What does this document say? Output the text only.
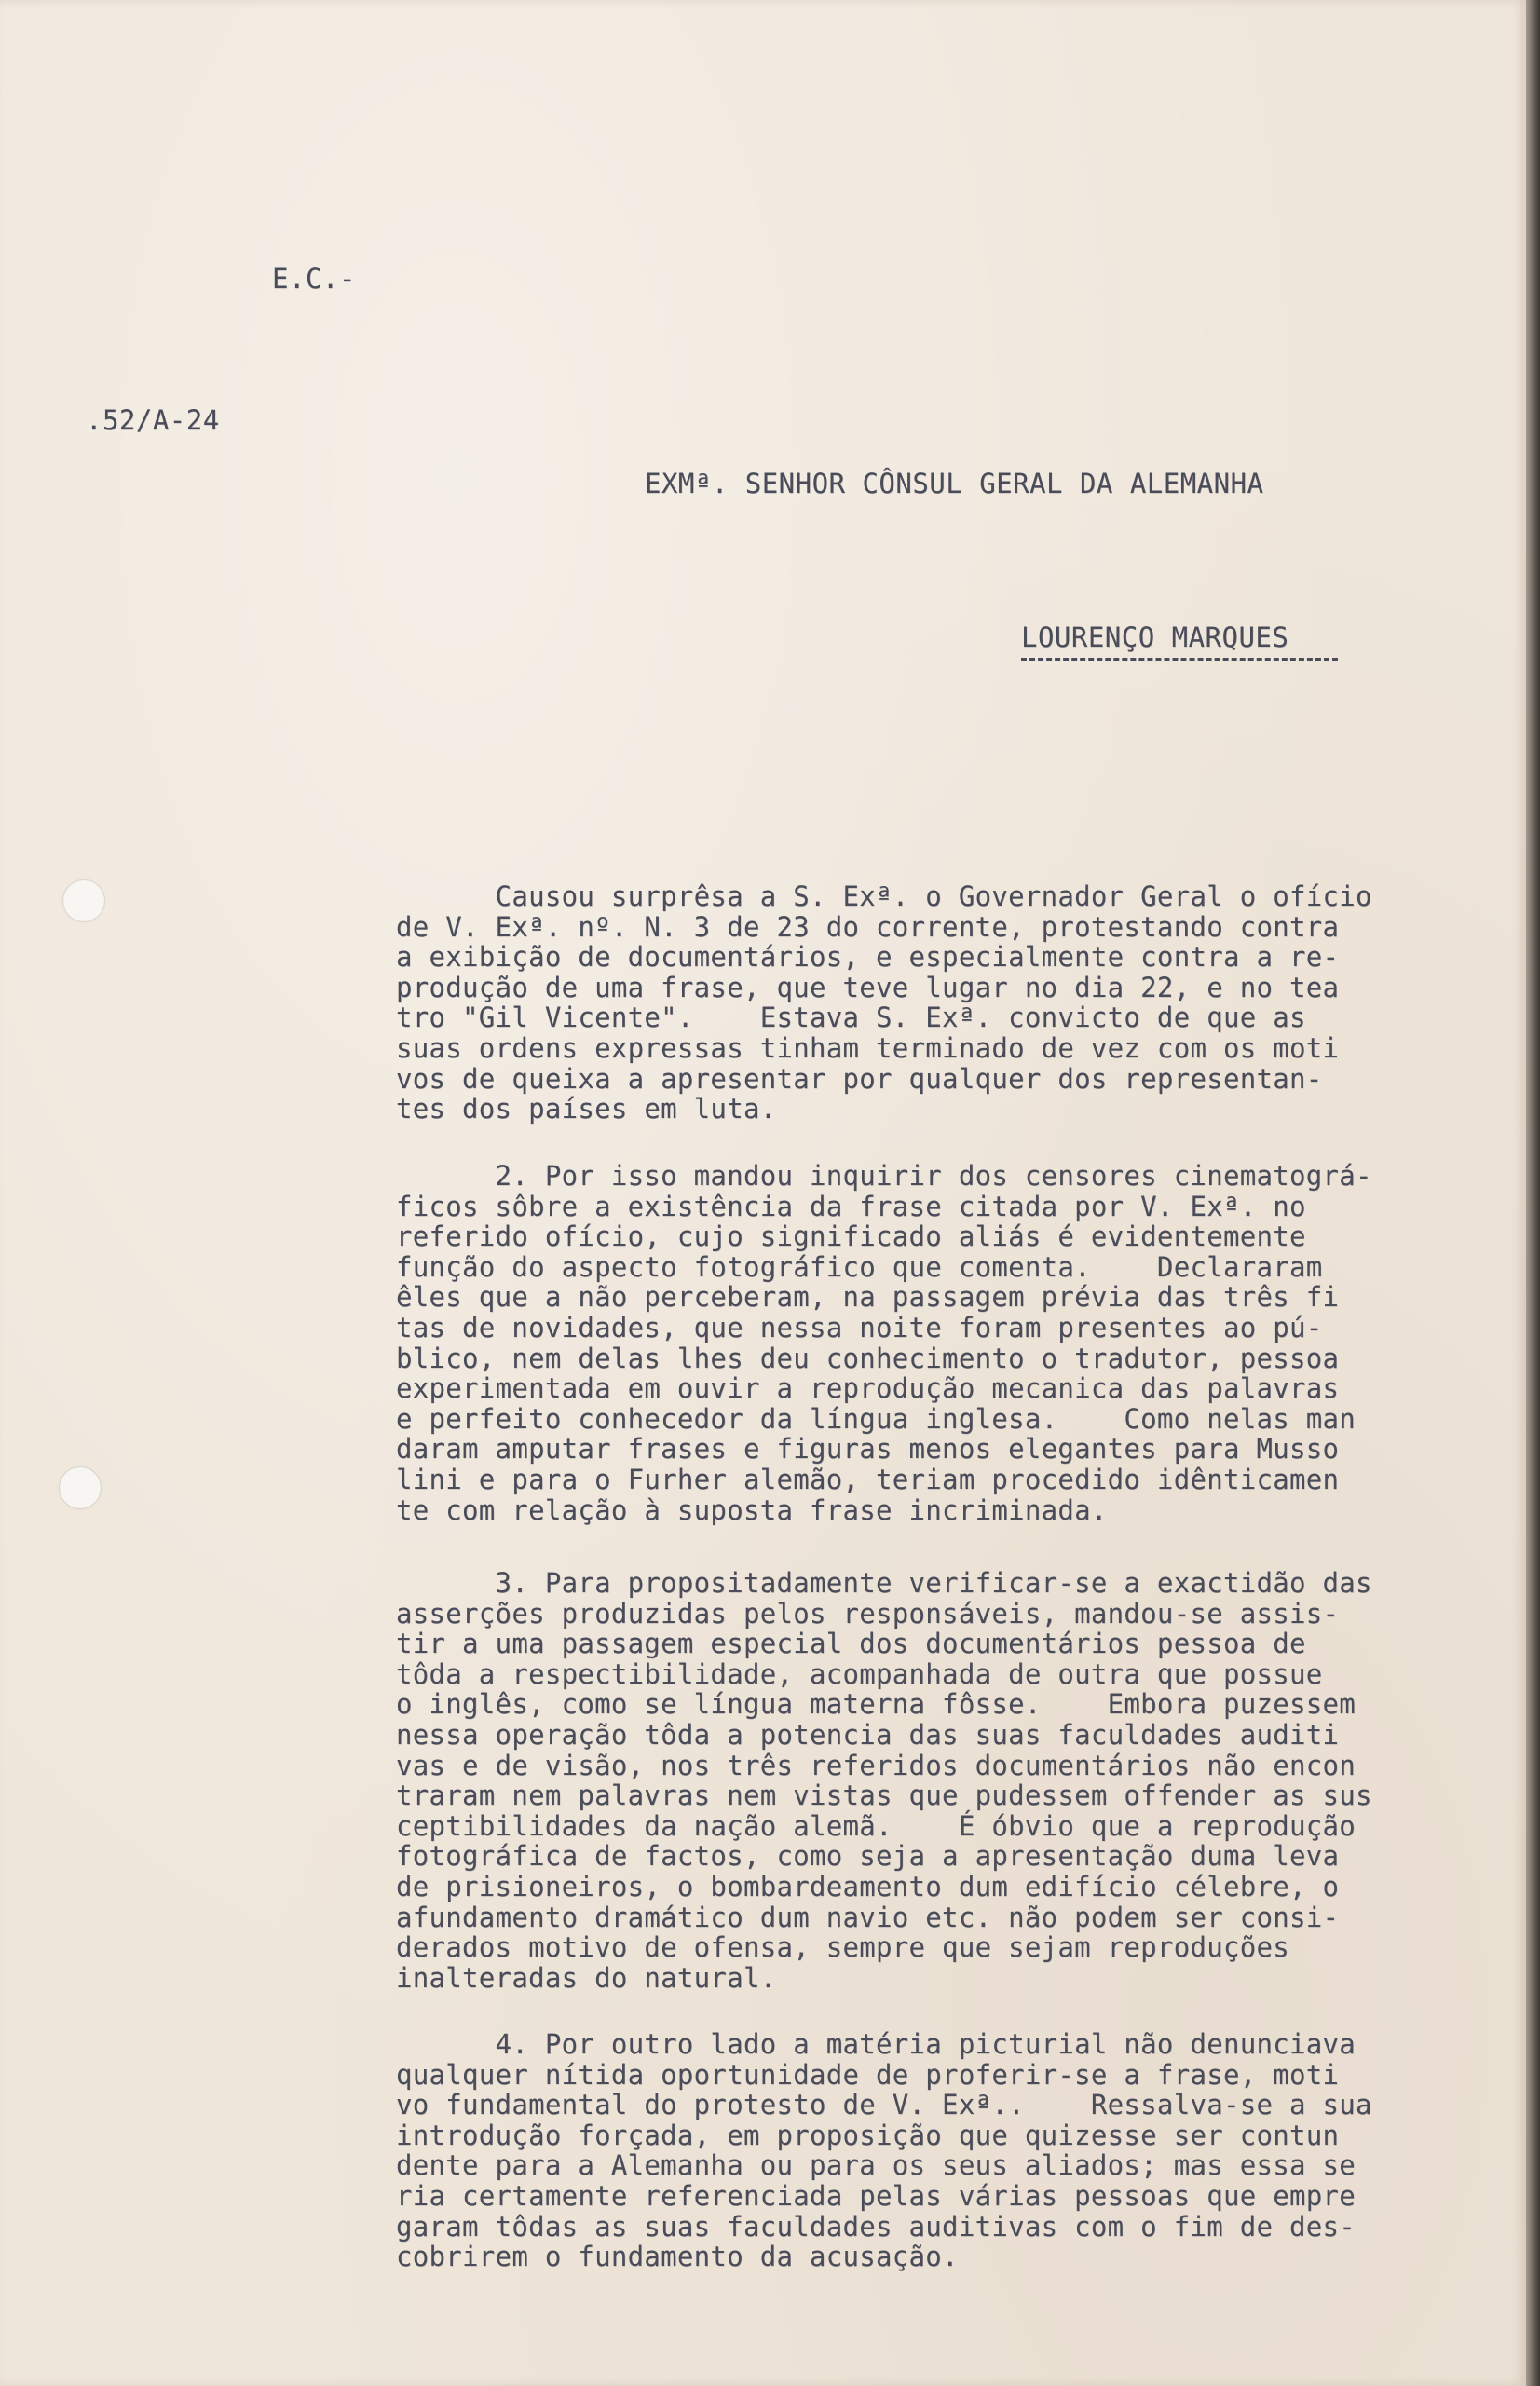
E.C.-
.52/A-24
EXMª. SENHOR CÔNSUL GERAL DA ALEMANHA
LOURENÇO MARQUES

Causou surprêsa a S. Exª. o Governador Geral o ofício
de V. Exª. nº. N. 3 de 23 do corrente, protestando contra
a exibição de documentários, e especialmente contra a re-
produção de uma frase, que teve lugar no dia 22, e no tea
tro "Gil Vicente".    Estava S. Exª. convicto de que as
suas ordens expressas tinham terminado de vez com os moti
vos de queixa a apresentar por qualquer dos representan-
tes dos países em luta.

2. Por isso mandou inquirir dos censores cinematográ-
ficos sôbre a existência da frase citada por V. Exª. no
referido ofício, cujo significado aliás é evidentemente
função do aspecto fotográfico que comenta.    Declararam
êles que a não perceberam, na passagem prévia das três fi
tas de novidades, que nessa noite foram presentes ao pú-
blico, nem delas lhes deu conhecimento o tradutor, pessoa
experimentada em ouvir a reprodução mecanica das palavras
e perfeito conhecedor da língua inglesa.    Como nelas man
daram amputar frases e figuras menos elegantes para Musso
lini e para o Furher alemão, teriam procedido idênticamen
te com relação à suposta frase incriminada.

3. Para propositadamente verificar-se a exactidão das
asserções produzidas pelos responsáveis, mandou-se assis-
tir a uma passagem especial dos documentários pessoa de
tôda a respectibilidade, acompanhada de outra que possue
o inglês, como se língua materna fôsse.    Embora puzessem
nessa operação tôda a potencia das suas faculdades auditi
vas e de visão, nos três referidos documentários não encon
traram nem palavras nem vistas que pudessem offender as sus
ceptibilidades da nação alemã.    É óbvio que a reprodução
fotográfica de factos, como seja a apresentação duma leva
de prisioneiros, o bombardeamento dum edifício célebre, o
afundamento dramático dum navio etc. não podem ser consi-
derados motivo de ofensa, sempre que sejam reproduções
inalteradas do natural.

4. Por outro lado a matéria picturial não denunciava
qualquer nítida oportunidade de proferir-se a frase, moti
vo fundamental do protesto de V. Exª..    Ressalva-se a sua
introdução forçada, em proposição que quizesse ser contun
dente para a Alemanha ou para os seus aliados; mas essa se
ria certamente referenciada pelas várias pessoas que empre
garam tôdas as suas faculdades auditivas com o fim de des-
cobrirem o fundamento da acusação.
